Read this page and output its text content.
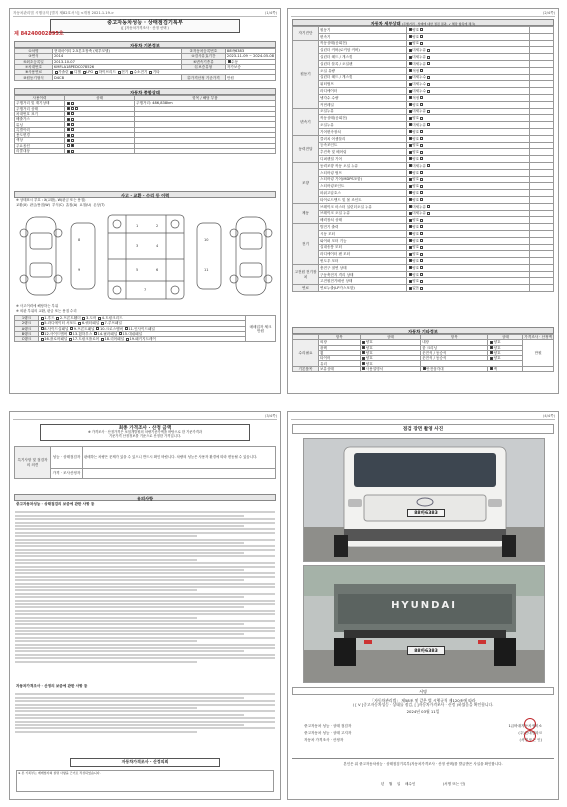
자동차관리법 시행규칙 [별지 제82호서식] <개정 2021.1.19.>	(1/4쪽)
중고자동차성능 · 상태점검기록부
([ ]자동차가격조사 · 산정 선택 )
제 84240002895호
자동차 기본정보
①차명	현대마이티 2.5톤초장축 (세부모델)	②자동차등록번호	88바6383
③연식	2014	④검사유효기간	2023-11-09 ~ 2024-05-08
⑤최초등록일	2013-10-07	⑥변속기종류	수동
⑦차대번호	KMFLA18PEDC078526	⑪보증유형	자가보증
⑧사용연료	가솔린 디젤 LPG 하이브리드 전기 수소전기 기타		
⑩원동기형식	D4CB	⑫가격산정 기준가격	만원
자동차 종합상태
사용이력	상태	항목 / 해당 부품
주행거리 및 계기상태		주행거리: 486,838km
주행거리 상태		
차대번호 표기		
배출가스		
튜닝		
특별이력		
용도변경		
색상		
주요옵션		
리콜대상		
사고 · 교환 · 수리 등 이력
※ 상태표시 부호 : X(교환), W(판금 또는 용접)
교환(X) 판금/용접(W) 부식(C) 흠집(A) 요철(U) 손상(T)
1	2
3	4
5	6
7
8
9
10
11
※ 사고이력에 해당하는 부위
※ 외판 부위의 교환, 판금 또는 용접 수리
1랭크	1.후드 2.프론트휀더 3.도어 4.트렁크리드	매매업자 체크
만원
2랭크	5.라디에이터 서포트 6.쿼터패널 7.루프패널	
A랭크	8.사이드실패널 9.프론트패널 10.크로스멤버 11.인사이드패널	
B랭크	12.사이드멤버 13.휠하우스 14.필러패널 15.대쉬패널	
C랭크	16.플로어패널 17.트렁크플로어 18.리어패널 19.패키지트레이	
(2/4쪽)
자동차 세부상태 (주행거리 · 상태에 대한 점검 결과, ✓ 해당 항목에 체크)
자기진단	원동기	양호	
	변속기	양호	
원동기	작동상태(공회전)	양호	
	실린더 커버(로커암 커버)	미세누유	
	실린더 헤드 / 개스킷	미세누유	
	실린더 블록 / 오일팬	미세누유	
	오일 유량	적정	
	실린더 헤드 / 개스킷	미세누수	
	워터펌프	미세누수	
	라디에이터	미세누수	
	냉각수 수량	적정	
	커먼레일	양호	
변속기	오일누유	미세누유	
	작동상태(공회전)	양호	
	오일누유	미세누유	
	기어변속장치	양호	
동력전달	클러치 어셈블리	양호	
	등속조인트	양호	
	추진축 및 베어링	양호	
	디퍼렌셜 기어	양호	
조향	동력조향 작동 오일 누유	미세누유	
	스티어링 펌프	양호	
	스티어링 기어(MDPS포함)	양호	
	스티어링조인트	양호	
	파워고압호스	양호	
	타이로드엔드 및 볼 조인트	양호	
제동	브레이크 마스터 실린더오일 누유	미세누유	
	브레이크 오일 누유	미세누유	
	배력장치 상태	양호	
전기	발전기 출력	양호	
	시동 모터	양호	
	와이퍼 모터 기능	양호	
	실내송풍 모터	양호	
	라디에이터 팬 모터	양호	
	윈도우 모터	양호	
고전원 전기장치	충전구 절연 상태	양호	
	구동축전지 격리 상태	양호	
	고전원전기배선 상태	양호	
연료	연료누출(LP가스포함)	없음	
자동차 기타정보
	항목	상태	항목	상태	가격조사 · 산정액
수리필요	외장	양호	내장	양호	만원
	광택	양호	룸 크리닝	양호	
	휠	양호	운전석 / 동승석	양호	
	타이어	양호	운전석 / 동승석	양호	
	유리	양호			
기본품목	보유상태	사용설명서	안전삼각대	잭	
(3/4쪽)
최종 가격조사 · 산정 금액
※ 가격조사 · 산정가격은 보험개발원의 차량기준가액을 바탕으로 한 기준가격과
기준가격 산정정보를 기준으로 산정한 가격입니다.
특기사항 및 점검자의 의견	성능 · 상태점검자	판매하는 차량은 문제가 있을 수 있으니 반드시 확인 바랍니다. 차량의 성능은 사용자 환경에 따라 변동될 수 있습니다.
	가격 · 조사산정자	
유의사항
중고자동차성능 · 상태점검의 보증에 관한 사항 등
자동차가격조사 · 산정의 보증에 관한 사항 등
자동차가격조사 · 산정의뢰
※ 본 기록부는 매매업자의 설명 사항을 근거로 작성되었습니다.
(4/4쪽)
점검 장면 촬영 사진
88바6383
HYUNDAI
88바6383
서명
「자동차관리법」 제58조 및 같은 법 시행규칙 제120조에 따라
( [ V ]중고자동차성능 · 상태를 점검, [ ]자동차가격조사 · 산정 )하였음을 확인합니다.
2024년 03월 11일
중고자동차 성능 · 상태 점검자	1급바퀴자동차정비소
중고자동차 성능 · 상태 고지자	(주)현대엠파크
자동차 가격조사 · 산정자	(서명 또는 인)
본인은 위 중고자동차성능 · 상태점검기록부(자동차가격조사 · 산정 선택)를 발급받은 사실을 확인합니다.
년    월    일    매수인                        (서명 또는 인)
